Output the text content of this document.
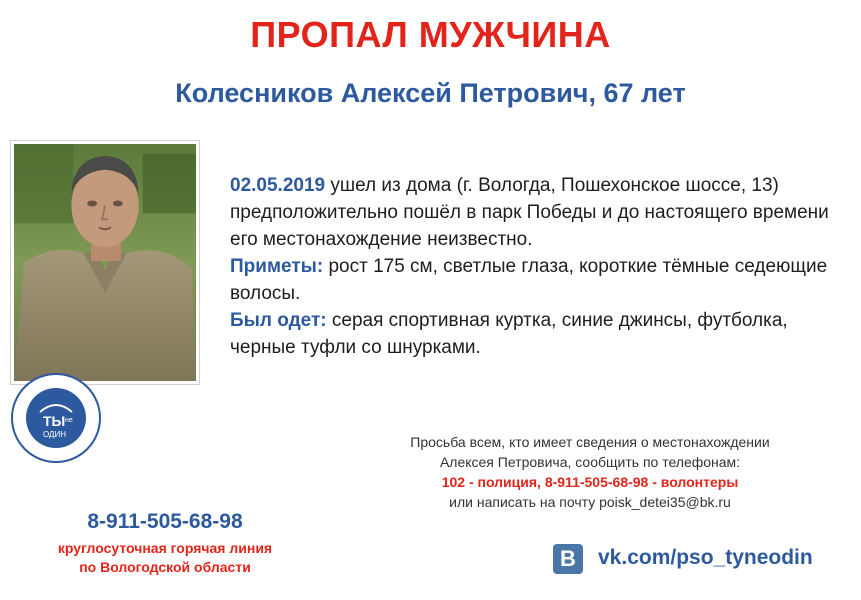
ПРОПАЛ МУЖЧИНА
Колесников Алексей Петрович, 67 лет
ТЫ не
ОДИН
02.05.2019 ушел из дома (г. Вологда, Пошехонское шоссе, 13) предположительно пошёл в парк Победы и до настоящего времени его местонахождение неизвестно.
Приметы: рост 175 см, светлые глаза, короткие тёмные седеющие волосы.
Был одет: серая спортивная куртка, синие джинсы, футболка, черные туфли со шнурками.
Просьба всем, кто имеет сведения о местонахождении
Алексея Петровича, сообщить по телефонам:
102 - полиция, 8-911-505-68-98 - волонтеры
или написать на почту poisk_detei35@bk.ru
8-911-505-68-98
круглосуточная горячая линия
по Вологодской области	B	vk.com/pso_tyneodin
